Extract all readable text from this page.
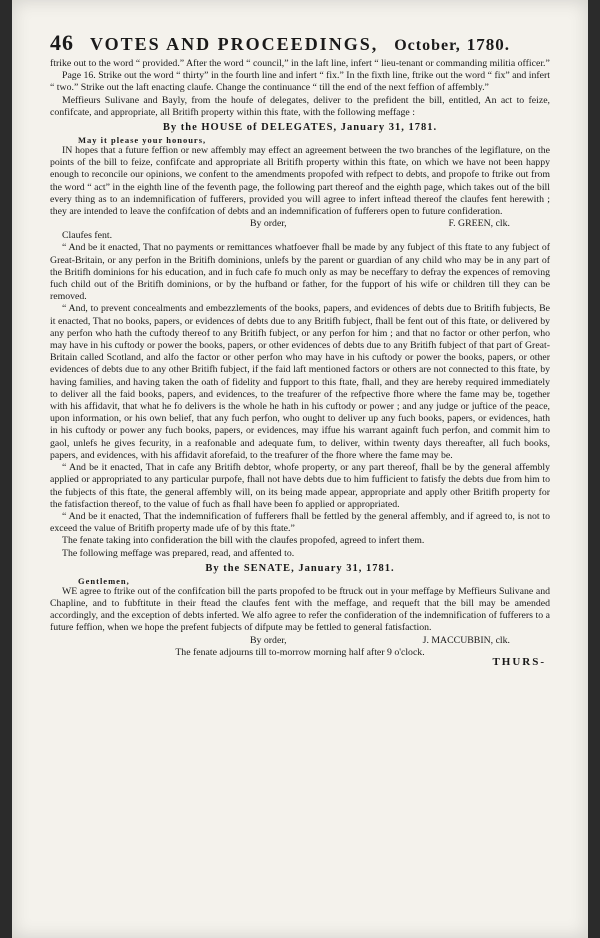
46 VOTES AND PROCEEDINGS, October, 1780.

ftrike out to the word “ provided.” After the word “ council,” in the laft line, infert “ lieu-tenant or commanding militia officer.”

Page 16. Strike out the word “ thirty” in the fourth line and infert “ fix.” In the fixth line, ftrike out the word “ fix” and infert “ two.” Strike out the laft enacting claufe. Change the continuance “ till the end of the next feffion of affembly.”

Meffieurs Sulivane and Bayly, from the houfe of delegates, deliver to the prefident the bill, entitled, An act to feize, confifcate, and appropriate, all Britifh property within this ftate, with the following meffage :

By the HOUSE of DELEGATES, January 31, 1781.
May it please your honours,

IN hopes that a future feffion or new affembly may effect an agreement between the two branches of the legiflature, on the points of the bill to feize, confifcate and appropriate all Britifh property within this ftate, on which we have not been happy enough to reconcile our opinions, we confent to the amendments propofed with refpect to debts, and propofe to ftrike out from the word “ act” in the eighth line of the feventh page, the following part thereof and the eighth page, which takes out of the bill every thing as to an indemnification of fufferers, provided you will agree to infert inftead thereof the claufes fent herewith ; they are intended to leave the confifcation of debts and an indemnification of fufferers open to future confideration.

By order,	F. GREEN, clk.

Claufes fent.

“ And be it enacted, That no payments or remittances whatfoever fhall be made by any fubject of this ftate to any fubject of Great-Britain, or any perfon in the Britifh dominions, unlefs by the parent or guardian of any child who may be in any part of the Britifh dominions for his education, and in fuch cafe fo much only as may be neceffary to defray the expences of removing fuch child out of the Britifh dominions, or by the hufband or father, for the fupport of his wife or children till they can be removed.

“ And, to prevent concealments and embezzlements of the books, papers, and evidences of debts due to Britifh fubjects, Be it enacted, That no books, papers, or evidences of debts due to any Britifh fubject, fhall be fent out of this ftate, or delivered by any perfon who hath the cuftody thereof to any Britifh fubject, or any perfon for him ; and that no factor or other perfon, who may have in his cuftody or power the books, papers, or other evidences of debts due to any Britifh fubject of that part of Great-Britain called Scotland, and alfo the factor or other perfon who may have in his cuftody or power the books, papers, or other evidences of debts due to any other Britifh fubject, if the faid laft mentioned factors or others are not connected to this ftate, by having families, and having taken the oath of fidelity and fupport to this ftate, fhall, and they are hereby required immediately to deliver all the faid books, papers, and evidences, to the treafurer of the refpective fhore where the fame may be, together with his affidavit, that what he fo delivers is the whole he hath in his cuftody or power ; and any judge or juftice of the peace, upon information, or his own belief, that any fuch perfon, who ought to deliver up any fuch books, papers, or evidences, hath in his cuftody or power any fuch books, papers, or evidences, may iffue his warrant againft fuch perfon, and commit him to gaol, unlefs he gives fecurity, in a reafonable and adequate fum, to deliver, within twenty days thereafter, all fuch books, papers, and evidences, with his affidavit aforefaid, to the treafurer of the fhore where the fame may be.

“ And be it enacted, That in cafe any Britifh debtor, whofe property, or any part thereof, fhall be by the general affembly applied or appropriated to any particular purpofe, fhall not have debts due to him fufficient to fatisfy the debts due from him to the fubjects of this ftate, the general affembly will, on its being made appear, appropriate and apply other Britifh property for the fatisfaction thereof, to the value of fuch as fhall have been fo applied or appropriated.

“ And be it enacted, That the indemnification of fufferers fhall be fettled by the general affembly, and if agreed to, is not to exceed the value of Britifh property made ufe of by this ftate.”

The fenate taking into confideration the bill with the claufes propofed, agreed to infert them.

The following meffage was prepared, read, and affented to.

By the SENATE, January 31, 1781.
Gentlemen,

WE agree to ftrike out of the confifcation bill the parts propofed to be ftruck out in your meffage by Meffieurs Sulivane and Chapline, and to fubftitute in their ftead the claufes fent with the meffage, and requeft that the bill may be amended accordingly, and the exception of debts inferted. We alfo agree to refer the confideration of the indemnification of fufferers to a future feffion, when we hope the prefent fubjects of difpute may be fettled to general fatisfaction.

By order,	J. MACCUBBIN, clk.
The fenate adjourns till to-morrow morning half after 9 o'clock.
THURS-
